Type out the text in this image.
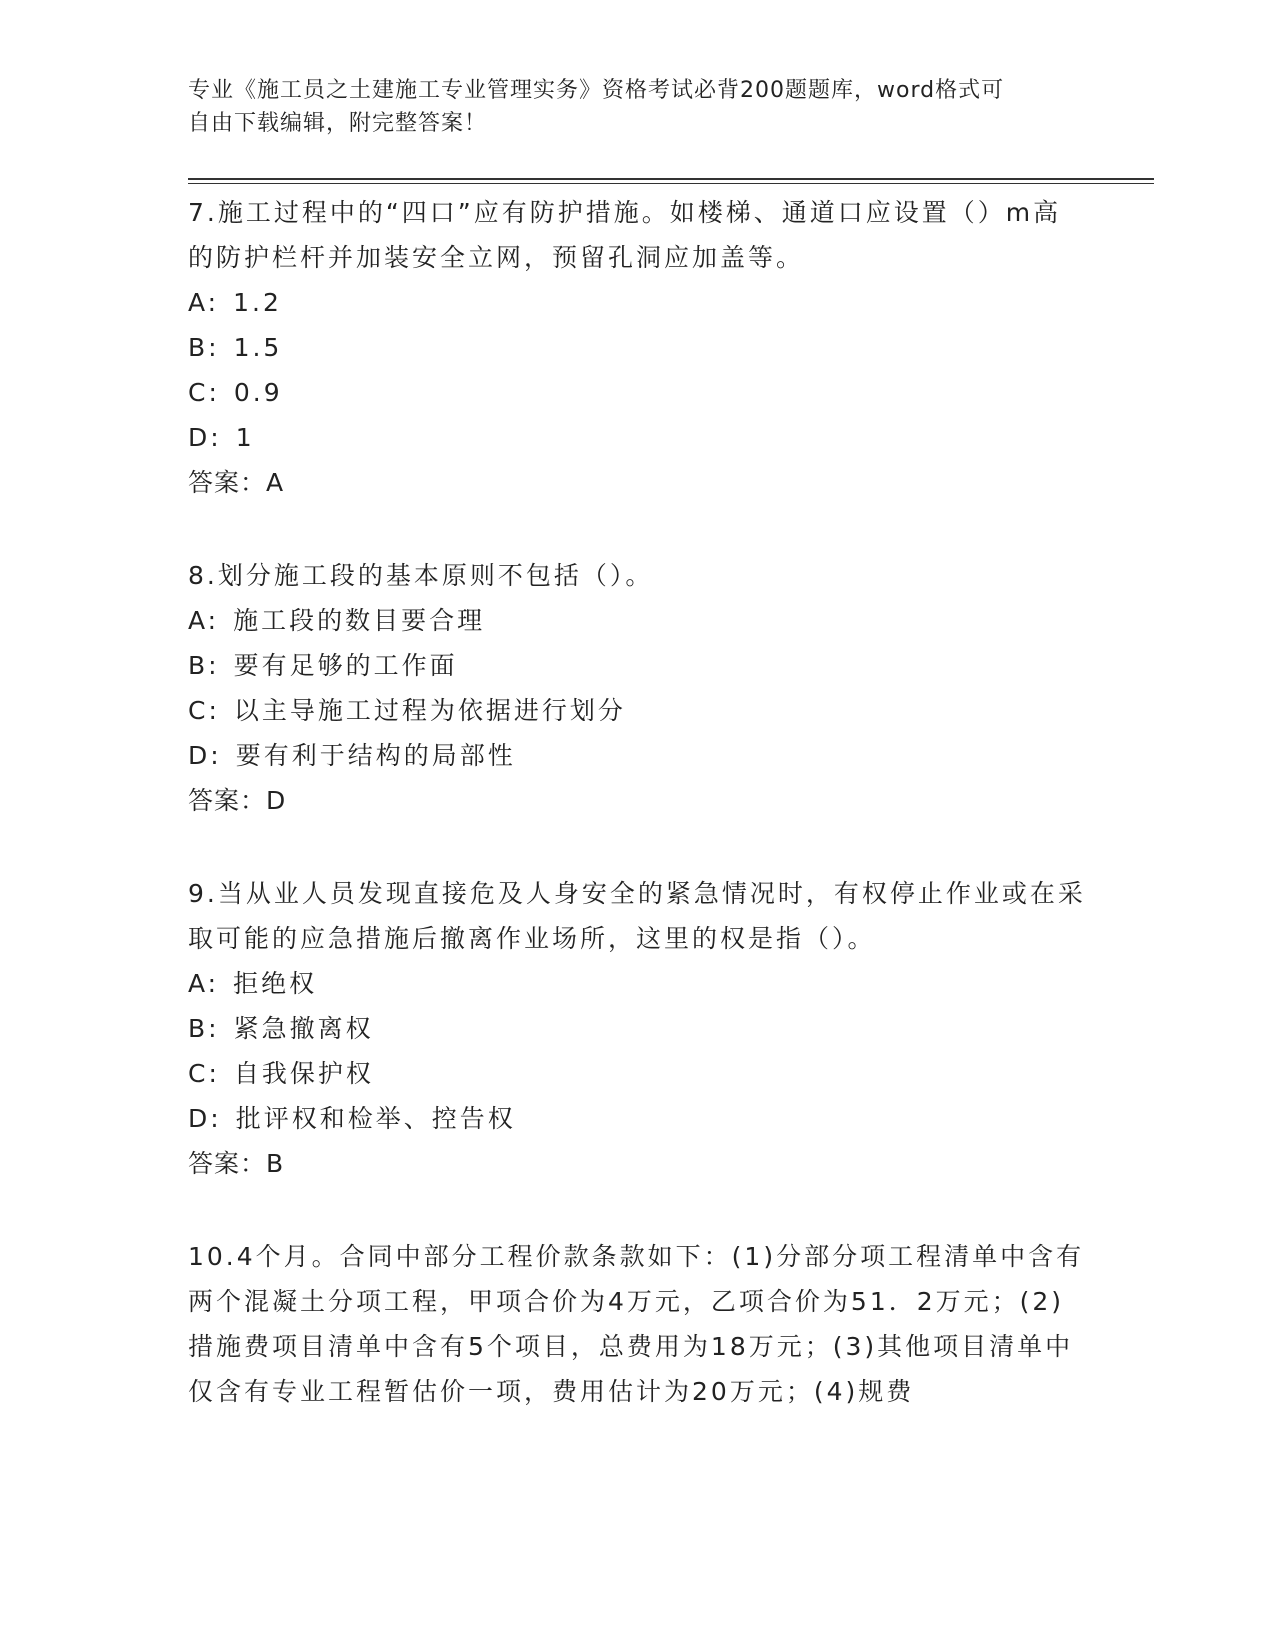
专业《施工员之土建施工专业管理实务》资格考试必背200题题库，word格式可
自由下载编辑，附完整答案！
7.施工过程中的“四口”应有防护措施。如楼梯、通道口应设置（）m高的防护栏杆并加装安全立网，预留孔洞应加盖等。
A: 1.2
B: 1.5
C: 0.9
D: 1
答案：A
8.划分施工段的基本原则不包括（）。
A: 施工段的数目要合理
B: 要有足够的工作面
C: 以主导施工过程为依据进行划分
D: 要有利于结构的局部性
答案：D
9.当从业人员发现直接危及人身安全的紧急情况时，有权停止作业或在采取可能的应急措施后撤离作业场所，这里的权是指（）。
A: 拒绝权
B: 紧急撤离权
C: 自我保护权
D: 批评权和检举、控告权
答案：B
10.4个月。合同中部分工程价款条款如下：(1)分部分项工程清单中含有两个混凝土分项工程，甲项合价为4万元，乙项合价为51．2万元；(2)措施费项目清单中含有5个项目，总费用为18万元；(3)其他项目清单中仅含有专业工程暂估价一项，费用估计为20万元；(4)规费
